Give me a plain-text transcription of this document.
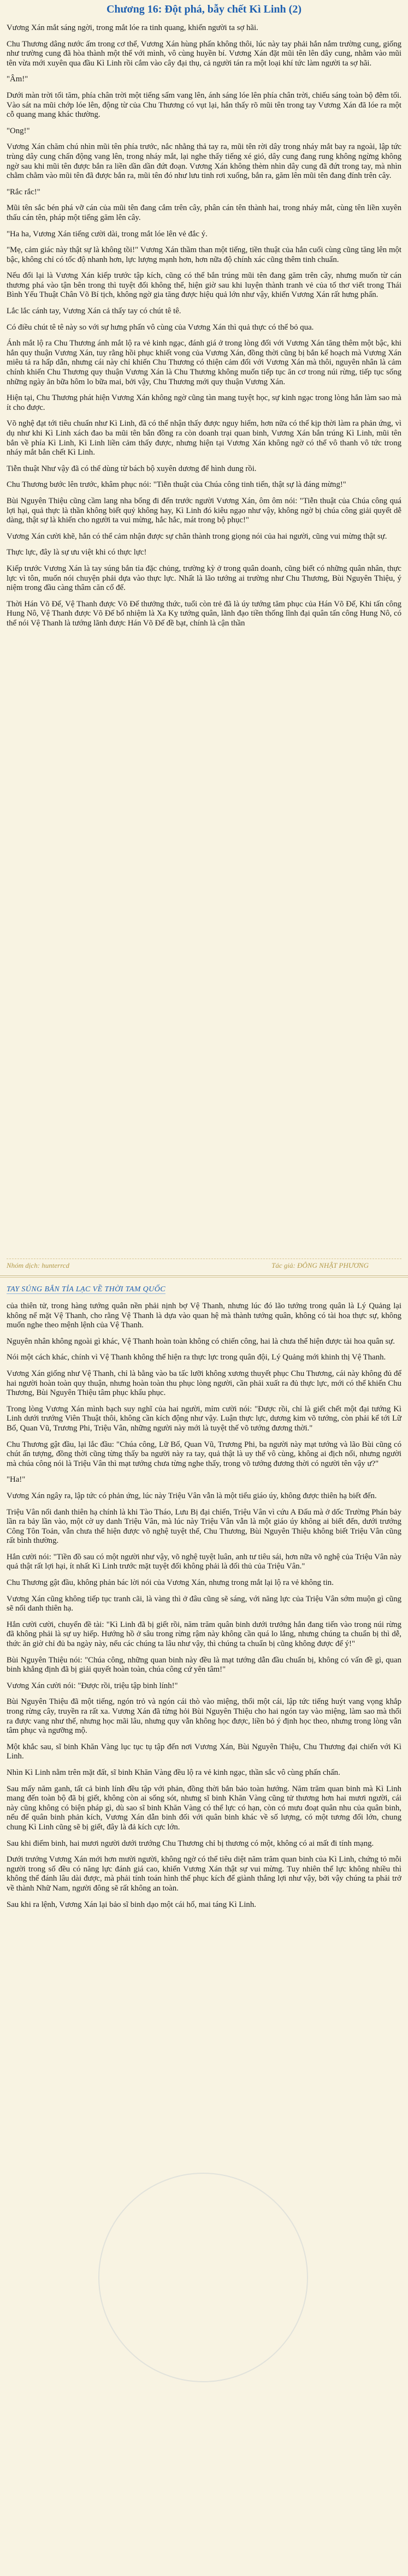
Chương 16: Đột phá, bẫy chết Kì Linh (2)

Vương Xán mắt sáng ngời, trong mắt lóe ra tinh quang, khiến người ta sợ hãi.

Chu Thương dâng nước ấm trong cơ thể, Vương Xán hùng phấn không thôi, lúc này tay phải hắn nắm trường cung, giống như trường cung đã hòa thành một thể với mình, vô cùng huyền bí. Vương Xán đặt mũi tên lên dây cung, nhằm vào mũi tên vừa mới xuyên qua đầu Kì Linh rồi cắm vào cây đại thụ, cả người tán ra một loại khí tức làm người ta sợ hãi.

"Âm!"

Dưới màn trời tối tăm, phía chân trời một tiếng sấm vang lên, ánh sáng lóe lên phía chân trời, chiếu sáng toàn bộ đêm tối. Vào sát na mũi chớp lóe lên, động từ của Chu Thương có vụt lại, hắn thấy rõ mũi tên trong tay Vương Xán đã lóe ra một cỗ quang mang khác thường.

"Ong!"

Vương Xán chăm chú nhìn mũi tên phía trước, nắc nhằng thả tay ra, mũi tên rời dây trong nháy mắt bay ra ngoài, lập tức trùng dây cung chấn động vang lên, trong nháy mắt, lại nghe thấy tiếng xé gió, dây cung đang rung không ngừng không ngờ sau khi mũi tên được bắn ra liền dần dần đứt đoạn. Vương Xán không thèm nhìn dây cung đã đứt trong tay, mà nhìn chằm chằm vào mũi tên đã được bắn ra, mũi tên đó như lưu tinh rơi xuống, bắn ra, găm lên mũi tên đang đính trên cây.

"Rắc rắc!"

Mũi tên sắc bén phá vỡ cán của mũi tên đang cắm trên cây, phân cán tên thành hai, trong nháy mắt, cùng tên liền xuyên thấu cán tên, pháp một tiếng găm lên cây.

"Ha ha, Vương Xán tiếng cười dài, trong mắt lóe lên vẻ đắc ý.

"Mẹ, cảm giác này thật sự là không tồi!" Vương Xán thầm than một tiếng, tiền thuật của hắn cuối cùng cũng tăng lên một bậc, không chỉ có tốc độ nhanh hơn, lực lượng mạnh hơn, hơn nữa độ chính xác cũng thêm tinh chuẩn.

Nếu đổi lại là Vương Xán kiếp trước tập kích, cũng có thể bắn trúng mũi tên đang găm trên cây, nhưng muốn từ cán thương phá vào tận bên trong thì tuyệt đối không thể, hiện giờ sau khi luyện thành tranh vẻ của tố thơ viết trong Thái Bình Yếu Thuật Chân Võ Bí tịch, không ngờ gia tăng được hiệu quả lớn như vậy, khiến Vương Xán rất hưng phấn.

Lắc lắc cánh tay, Vương Xán cả thấy tay có chút tê tê.

Có điều chút tê tê này so với sự hưng phấn vô cùng của Vương Xán thì quả thực có thể bỏ qua.

Ánh mắt lộ ra Chu Thương ánh mắt lộ ra vẻ kinh ngạc, đánh giá ở trong lòng đối với Vương Xán tăng thêm một bậc, khi hắn quy thuận Vương Xán, tuy rằng hồi phục khiết vong của Vương Xán, đồng thời cũng bị bắn kế hoạch mà Vương Xán miêu tả ra hấp dẫn, nhưng cái này chỉ khiến Chu Thương có thiện cảm đối với Vương Xán mà thôi, nguyên nhân là cảm chính khiến Chu Thương quy thuận Vương Xán là Chu Thương không muốn tiếp tục ăn cơ trong núi rừng, tiếp tục sống những ngày ăn bữa hôm lo bữa mai, bởi vậy, Chu Thương mới quy thuận Vương Xán.

Hiện tại, Chu Thương phát hiện Vương Xán không ngờ cũng tàn mang tuyệt học, sự kinh ngạc trong lòng hắn làm sao mà ít cho được.

Võ nghệ đạt tới tiêu chuẩn như Kì Linh, đã có thể nhận thấy được nguy hiểm, hơn nữa có thể kịp thời làm ra phản ứng, vì dụ như khi Kì Linh xách đao ba mũi tên bắn đồng ra còn doanh trại quan binh, Vương Xán bắn trúng Kì Linh, mũi tên bắn về phía Kì Linh, Kì Linh liền cảm thấy được, nhưng hiện tại Vương Xán không ngờ có thể vô thanh vô tức trong nháy mắt bắn chết Kì Linh.

Tiễn thuật Như vậy đã có thể dùng từ bách bộ xuyên dương để hình dung rồi.

Chu Thương bước lên trước, khâm phục nói: "Tiễn thuật của Chúa công tinh tiến, thật sự là đáng mừng!"

Bùi Nguyên Thiệu cũng cầm lang nha bổng đi đến trước người Vương Xán, ôm ôm nói: "Tiễn thuật của Chúa công quá lợi hại, quả thực là thần không biết quỷ không hay, Kì Linh đó kiêu ngạo như vậy, không ngờ bị chúa công giải quyết dễ dàng, thật sự là khiến cho người ta vui mừng, hắc hắc, mát trong bộ phục!"

Vương Xán cười khẽ, hắn có thể cảm nhận được sự chân thành trong giọng nói của hai người, cũng vui mừng thật sự.

Thực lực, đây là sự ưu việt khi có thực lực!

Kiếp trước Vương Xán là tay súng bắn tỉa đặc chủng, trường kỳ ở trong quân doanh, cũng biết có những quân nhân, thực lực vì tôn, muốn nói chuyện phải dựa vào thực lực. Nhất là lão tướng ai trường như Chu Thương, Bùi Nguyên Thiệu, ý niệm trong đầu càng thâm căn cố đế.

Thời Hán Võ Đế, Vệ Thanh được Võ Đế thưởng thức, tuổi còn trẻ đã là úy tướng tăm phục của Hán Võ Đế, Khi tấn công Hung Nô, Vệ Thanh được Võ Đế bổ nhiệm là Xa Kỵ tướng quân, lãnh đạo tiền thống lĩnh đại quân tấn công Hung Nô, có thể nói Vệ Thanh là tướng lãnh được Hán Võ Đế đề bạt, chính là cận thần

Nhóm dịch: hunterrcd	Tác giả: ĐÔNG NHẬT PHƯƠNG
TAY SÚNG BẮN TỈA LẠC VỀ THỜI TAM QUỐC

của thiên tử, trong hàng tướng quân nền phải nịnh bợ Vệ Thanh, nhưng lúc đó lão tướng trong quân là Lý Quảng lại không nể mặt Vệ Thanh, cho rằng Vệ Thanh là dựa vào quan hệ mà thành tướng quân, không có tài hoa thực sự, không muốn nghe theo mệnh lệnh của Vệ Thanh.

Nguyên nhân không ngoài gì khác, Vệ Thanh hoàn toàn không có chiến công, hai là chưa thể hiện được tài hoa quân sự.

Nói một cách khác, chính vì Vệ Thanh không thể hiện ra thực lực trong quân đội, Lý Quảng mới khinh thị Vệ Thanh.

Vương Xán giống như Vệ Thanh, chỉ là bằng vào ba tấc lưỡi không xương thuyết phục Chu Thương, cái này không đủ để hai người hoàn toàn quy thuận, nhưng hoàn toàn thu phục lòng người, cần phải xuất ra đủ thực lực, mới có thể khiến Chu Thương, Bùi Nguyên Thiệu tâm phục khẩu phục.

Trong lòng Vương Xán mình bạch suy nghĩ của hai người, mỉm cười nói: "Được rồi, chỉ là giết chết một đại tướng Kì Linh dưới trướng Viên Thuật thôi, không cần kích động như vậy. Luận thực lực, dương kim võ tướng, còn phải kể tới Lữ Bố, Quan Vũ, Trương Phi, Triệu Vân, những người này mới là tuyệt thế võ tướng đương thời."

Chu Thương gật đầu, lại lắc đầu: "Chúa công, Lữ Bố, Quan Vũ, Trương Phi, ba người này mạt tướng và lão Bùi cũng có chút ấn tượng, đồng thời cũng từng thấy ba người này ra tay, quả thật là uy thế vô cùng, không ai địch nổi, nhưng người mà chúa công nói là Triệu Vân thì mạt tướng chưa từng nghe thấy, trong võ tướng đương thời có người tên vậy ư?"

"Ha!"

Vương Xán ngây ra, lập tức có phản ứng, lúc này Triệu Vân vẫn là một tiểu giáo úy, không được thiên hạ biết đến.

Triệu Vân nổi danh thiên hạ chính là khi Tào Tháo, Lưu Bị đại chiến, Triệu Vân vì cứu A Đấu mà ở dốc Trường Phán bảy lần ra bảy lần vào, một cờ uy danh Triệu Vân, mà lúc này Triệu Vân vẫn là một giáo úy không ai biết đến, dưới trướng Công Tôn Toản, vẫn chưa thể hiện được võ nghệ tuyệt thế, Chu Thương, Bùi Nguyên Thiệu không biết Triệu Vân cũng rất bình thường.

Hắn cười nói: "Tiền đồ sau có một người như vậy, võ nghệ tuyệt luân, anh tư tiêu sái, hơn nữa võ nghệ của Triệu Vân này quả thật rất lợi hại, ít nhất Kì Linh trước mặt tuyệt đối không phải là đối thủ của Triệu Vân."

Chu Thương gật đầu, không phản bác lời nói của Vương Xán, nhưng trong mắt lại lộ ra vẻ không tin.

Vương Xán cũng không tiếp tục tranh cãi, là vàng thì ở đâu cũng sẽ sáng, với năng lực của Triệu Vân sớm muộn gì cũng sẽ nổi danh thiên hạ.

Hắn cười cười, chuyển đề tài: "Kì Linh đã bị giết rồi, năm trăm quân binh dưới trướng hắn đang tiến vào trong núi rừng đã không phải là sự uy hiếp. Hướng hồ ở sâu trong rừng rậm này không cần quá lo lắng, nhưng chúng ta chuẩn bị thì dễ, thức ăn giờ chỉ đủ ba ngày này, nếu các chúng ta lâu như vậy, thì chúng ta chuẩn bị cũng không được để ý!"

Bùi Nguyên Thiệu nói: "Chúa công, những quan binh này đều là mạt tướng dẫn đầu chuẩn bị, không có vấn đề gì, quan binh khẳng định đã bị giải quyết hoàn toàn, chúa công cứ yên tâm!"

Vương Xán cười nói: "Được rồi, triệu tập binh lính!"

Bùi Nguyên Thiệu đã một tiếng, ngón trỏ và ngón cái thò vào miệng, thổi một cái, lập tức tiếng huýt vang vọng khắp trong rừng cây, truyền ra rất xa. Vương Xán đã từng hỏi Bùi Nguyên Thiệu cho hai ngón tay vào miệng, làm sao mà thổi ra được vang như thế, nhưng học mãi lâu, nhưng quy vẫn không học được, liền bỏ ý định học theo, nhưng trong lòng vẫn tâm phục và ngưỡng mộ.

Một khắc sau, sĩ binh Khăn Vàng lục tục tụ tập đến nơi Vương Xán, Bùi Nguyên Thiệu, Chu Thương đại chiến với Kì Linh.

Nhìn Kì Linh nằm trên mặt đất, sĩ binh Khăn Vàng đều lộ ra vẻ kinh ngạc, thần sắc vô cùng phấn chấn.

Sau mấy năm ganh, tất cả binh lính đều tập với phản, đồng thời bắn bảo toàn hướng. Năm trăm quan binh mà Kì Linh mang đến toàn bộ đã bị giết, không còn ai sống sót, nhưng sĩ binh Khăn Vàng cũng tử thương hơn hai mươi người, cái này cũng không có biện pháp gì, dù sao sĩ binh Khăn Vàng có thể lực có hạn, còn có mưu đoạt quân nhu của quân binh, nếu để quân binh phản kích, Vương Xán dẫn binh đối với quân binh khác về số lượng, có một tương đối lớn, chung chung Kì Linh cũng sẽ bị giết, đây là đả kích cực lớn.

Sau khi điểm binh, hai mươi người dưới trướng Chu Thương chỉ bị thương có một, không có ai mất đi tính mạng.

Dưới trướng Vương Xán mới hơn mười người, không ngờ có thể tiêu diệt năm trăm quan binh của Kì Linh, chứng tỏ mỗi người trong số đều có năng lực đánh giá cao, khiến Vương Xán thật sự vui mừng. Tuy nhiên thể lực không nhiều thì không thể đánh lâu dài được, mà phải tính toán hình thế phục kích để giành thắng lợi như vậy, bởi vậy chúng ta phải trở về thành Nhữ Nam, người đông sẽ rất không an toàn.

Sau khi ra lệnh, Vương Xán lại bảo sĩ binh dạo một cái hố, mai táng Kì Linh.
